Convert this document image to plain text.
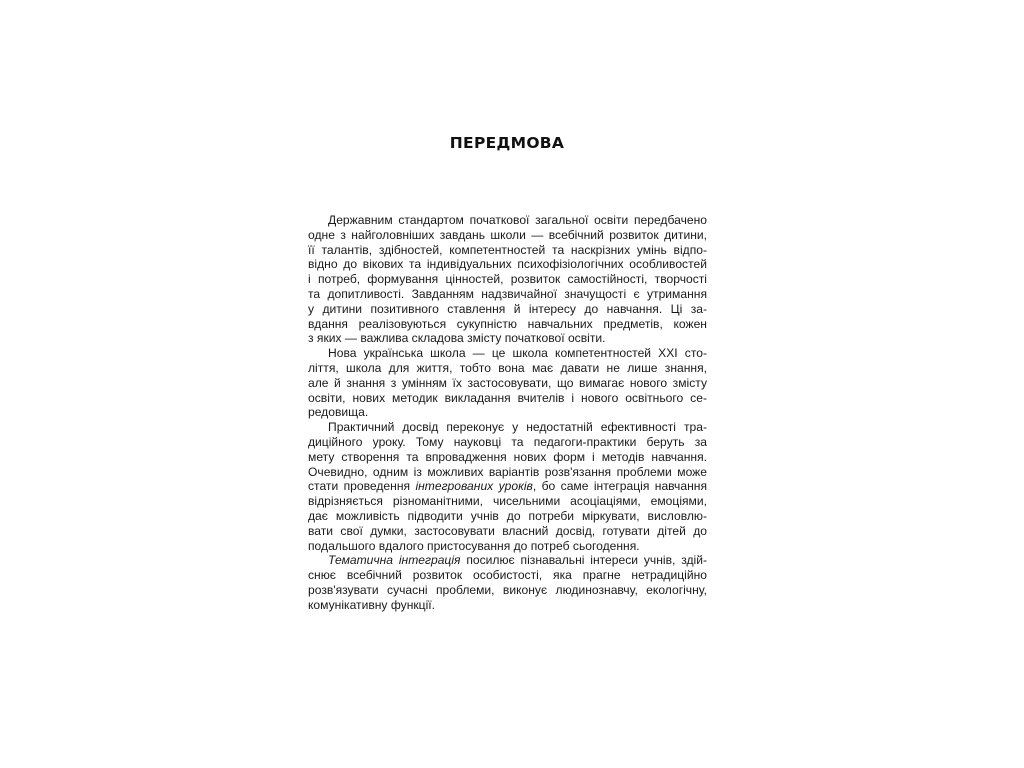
ПЕРЕДМОВА
Державним стандартом початкової загальної освіти передбачено
одне з найголовніших завдань школи — всебічний розвиток дитини,
її талантів, здібностей, компетентностей та наскрізних умінь відпо-
відно до вікових та індивідуальних психофізіологічних особливостей
і потреб, формування цінностей, розвиток самостійності, творчості
та допитливості. Завданням надзвичайної значущості є утримання
у дитини позитивного ставлення й інтересу до навчання. Ці за-
вдання реалізовуються сукупністю навчальних предметів, кожен
з яких — важлива складова змісту початкової освіти.
Нова українська школа — це школа компетентностей XXI сто-
ліття, школа для життя, тобто вона має давати не лише знання,
але й знання з умінням їх застосовувати, що вимагає нового змісту
освіти, нових методик викладання вчителів і нового освітнього се-
редовища.
Практичний досвід переконує у недостатній ефективності тра-
диційного уроку. Тому науковці та педагоги-практики беруть за
мету створення та впровадження нових форм і методів навчання.
Очевидно, одним із можливих варіантів розв'язання проблеми може
стати проведення інтегрованих уроків, бо саме інтеграція навчання
відрізняється різноманітними, чисельними асоціаціями, емоціями,
дає можливість підводити учнів до потреби міркувати, висловлю-
вати свої думки, застосовувати власний досвід, готувати дітей до
подальшого вдалого пристосування до потреб сьогодення.
Тематична інтеграція посилює пізнавальні інтереси учнів, здій-
снює всебічний розвиток особистості, яка прагне нетрадиційно
розв'язувати сучасні проблеми, виконує людинознавчу, екологічну,
комунікативну функції.
